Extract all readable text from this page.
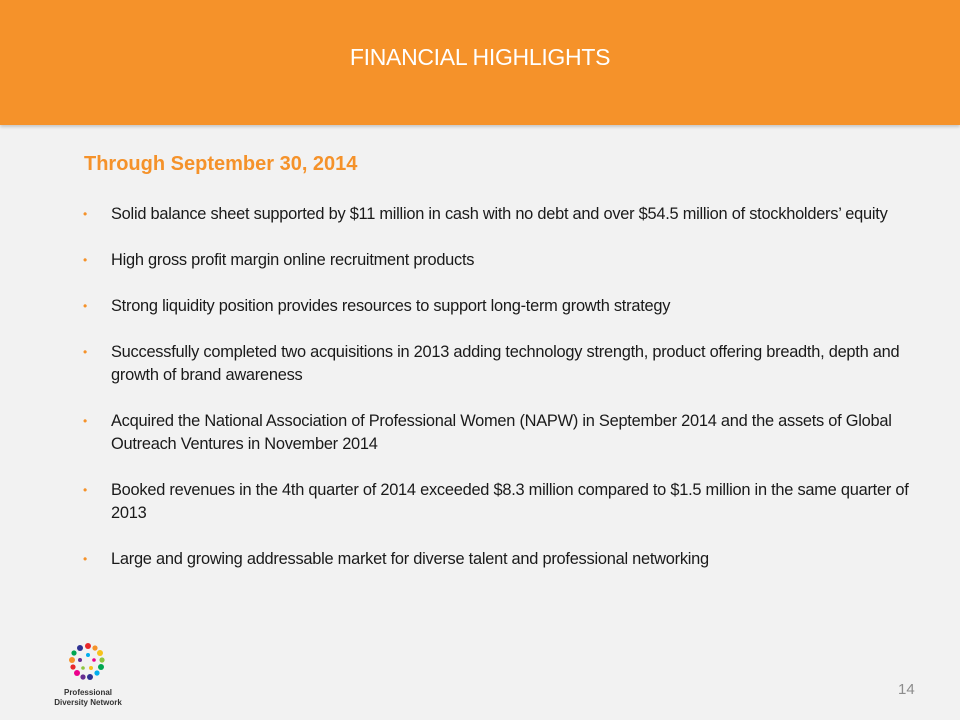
FINANCIAL HIGHLIGHTS
Through September 30, 2014
• Solid balance sheet supported by $11 million in cash with no debt and over $54.5 million of stockholders’ equity
• High gross profit margin online recruitment products
• Strong liquidity position provides resources to support long-term growth strategy
• Successfully completed two acquisitions in 2013 adding technology strength, product offering breadth, depth and growth of brand awareness
• Acquired the National Association of Professional Women (NAPW) in September 2014 and the assets of Global Outreach Ventures in November 2014
• Booked revenues in the 4th quarter of 2014 exceeded $8.3 million compared to $1.5 million in the same quarter of 2013
• Large and growing addressable market for diverse talent and professional networking
Professional
Diversity Network
14
